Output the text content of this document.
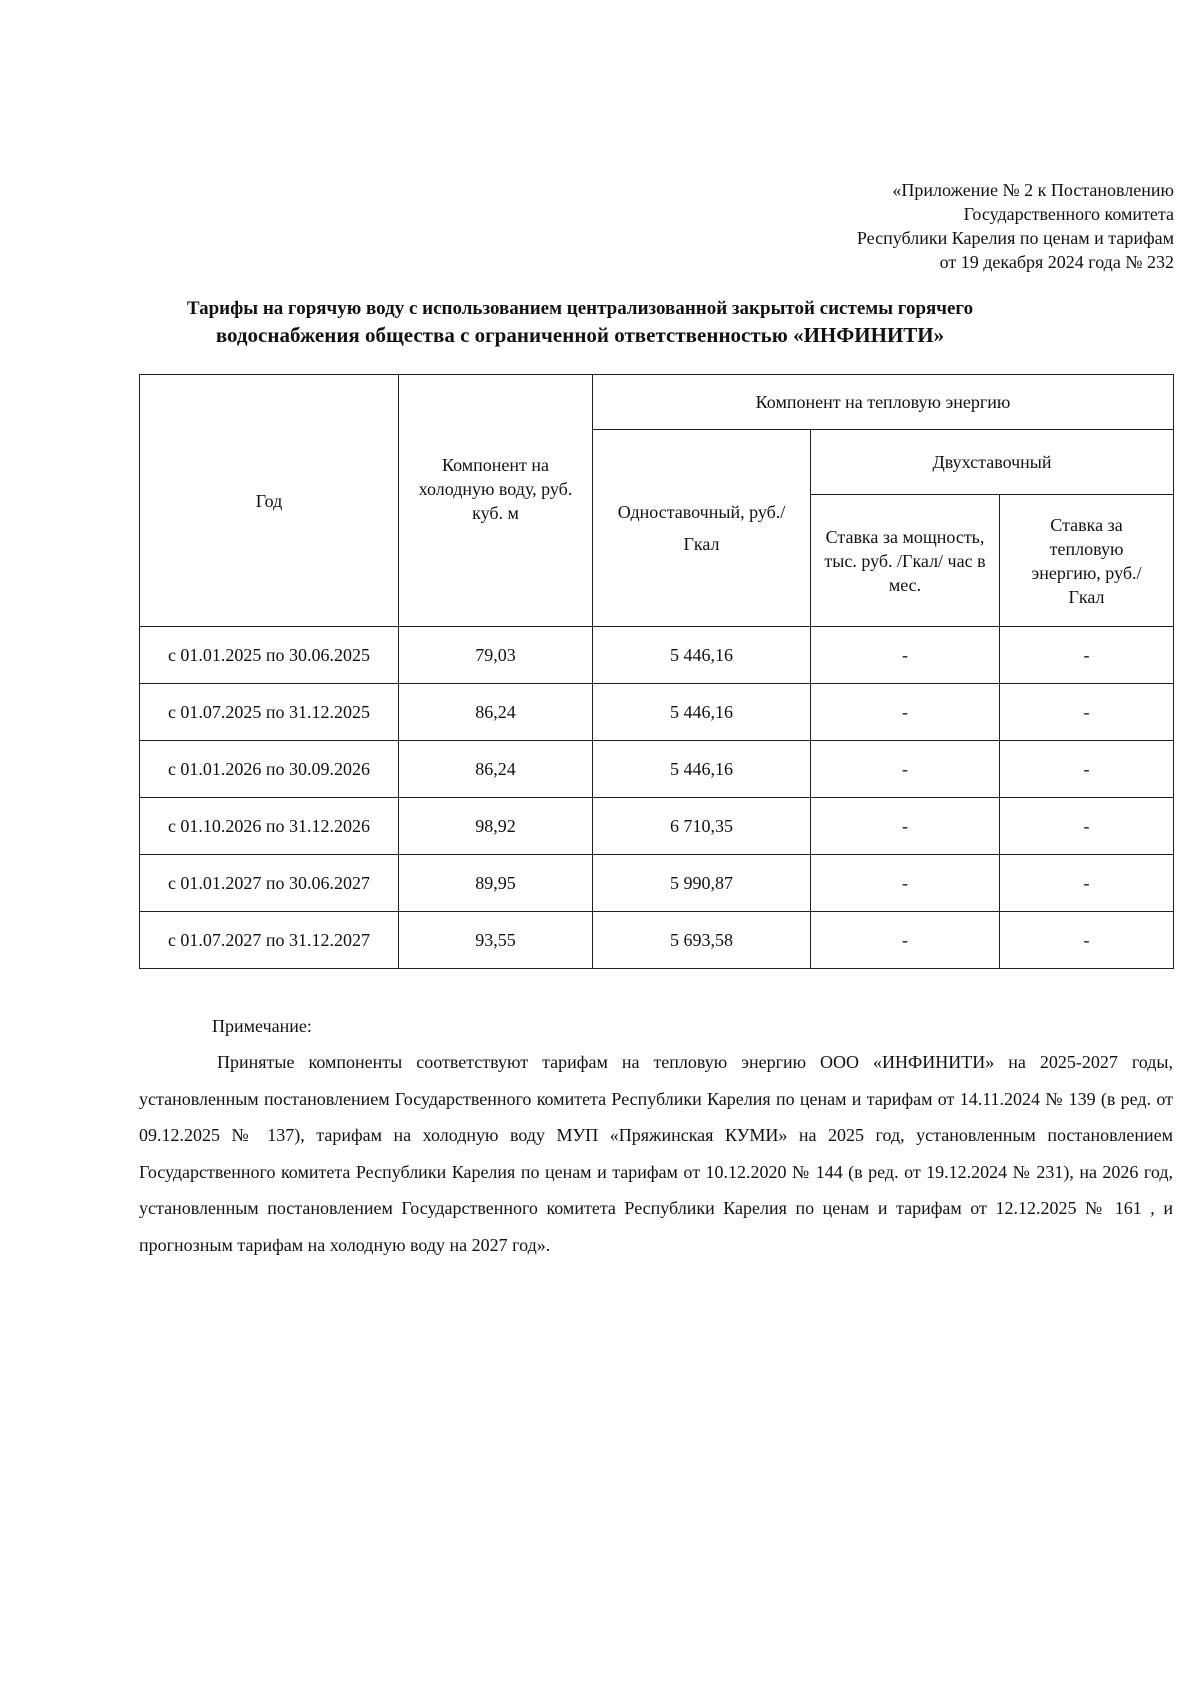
«Приложение № 2 к Постановлению
Государственного комитета
Республики Карелия по ценам и тарифам
от 19 декабря 2024 года № 232
Тарифы на горячую воду с использованием централизованной закрытой системы горячего
водоснабжения общества с ограниченной ответственностью «ИНФИНИТИ»
Год	Компонент на холодную воду, руб. куб. м	Компонент на тепловую энергию		
		Одноставочный, руб./Гкал	Двухставочный	
			Ставка за мощность, тыс. руб. /Гкал/ час в мес.	Ставка за тепловую энергию, руб./Гкал
с 01.01.2025 по 30.06.2025	79,03	5 446,16	-	-
с 01.07.2025 по 31.12.2025	86,24	5 446,16	-	-
с 01.01.2026 по 30.09.2026	86,24	5 446,16	-	-
с 01.10.2026 по 31.12.2026	98,92	6 710,35	-	-
с 01.01.2027 по 30.06.2027	89,95	5 990,87	-	-
с 01.07.2027 по 31.12.2027	93,55	5 693,58	-	-
Примечание:
Принятые компоненты соответствуют тарифам на тепловую энергию ООО «ИНФИНИТИ» на 2025-2027 годы, установленным постановлением Государственного комитета Республики Карелия по ценам и тарифам от 14.11.2024 № 139 (в ред. от 09.12.2025 № 137), тарифам на холодную воду МУП «Пряжинская КУМИ» на 2025 год, установленным постановлением Государственного комитета Республики Карелия по ценам и тарифам от 10.12.2020 № 144 (в ред. от 19.12.2024 № 231), на 2026 год, установленным постановлением Государственного комитета Республики Карелия по ценам и тарифам от 12.12.2025 № 161 , и прогнозным тарифам на холодную воду на 2027 год».
